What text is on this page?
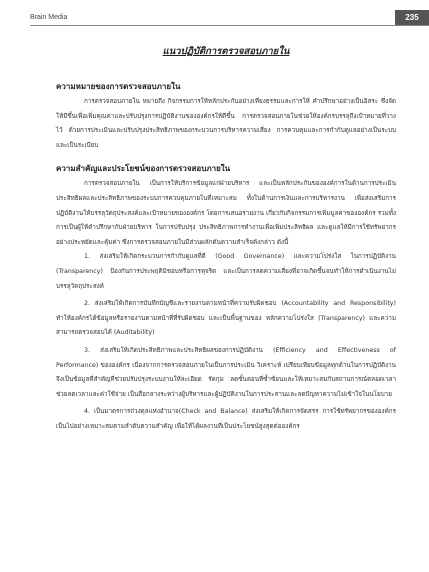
Brain Media	235
แนวปฏิบัติการตรวจสอบภายใน
ความหมายของการตรวจสอบภายใน

การตรวจสอบภายใน หมายถึง กิจกรรมการให้หลักประกันอย่างเที่ยงธรรมและการให้ คำปรึกษาอย่างเป็นอิสระ ซึ่งจัดให้มีขึ้นเพื่อเพิ่มคุณค่าและปรับปรุงการปฏิบัติงานขององค์กรให้ดีขึ้น การตรวจสอบภายในช่วยให้องค์กรบรรลุถึงเป้าหมายที่วางไว้ ด้วยการประเมินและปรับปรุงประสิทธิภาพของกระบวนการบริหารความเสี่ยง การควบคุมและการกำกับดูแลอย่างเป็นระบบและเป็นระเบียบ

ความสำคัญและประโยชน์ของการตรวจสอบภายใน

การตรวจสอบภายใน เป็นการให้บริการข้อมูลแก่ฝ่ายบริหาร และเป็นหลักประกันขององค์การในด้านการประเมินประสิทธิผลและประสิทธิภาพของระบบการควบคุมภายในที่เหมาะสม ทั้งในด้านการเงินและการบริหารงาน เพื่อส่งเสริมการปฏิบัติงานให้บรรลุวัตถุประสงค์และเป้าหมายขององค์กร โดยการเสนอรายงาน เกี่ยวกับกิจกรรมการเพิ่มมูลค่าขององค์กร รวมทั้งการเป็นผู้ให้คำปรึกษากับฝ่ายบริหาร ในการปรับปรุง ประสิทธิภาพการทำงานเพื่อเพิ่มประสิทธิผล และดูแลให้มีการใช้ทรัพยากรอย่างประหยัดและคุ้มค่า ซึ่งการตรวจสอบภายในมีส่วนผลักดันความสำเร็จดังกล่าว ดังนี้

1. ส่งเสริมให้เกิดกระบวนการกำกับดูแลที่ดี (Good Governance) และความโปร่งใส ในการปฏิบัติงาน (Transparency) ป้องกันการประพฤติมิชอบหรือการทุจริต และเป็นการลดความเสี่ยงที่อาจเกิดขึ้นจนทำให้การดำเนินงานไม่บรรลุวัตถุประสงค์

2. ส่งเสริมให้เกิดการบันทึกบัญชีและรายงานตามหน้าที่ความรับผิดชอบ (Accountability and Responsibility) ทำให้องค์กรได้ข้อมูลหรือรายงานตามหน้าที่ที่รับผิดชอบ และเป็นพื้นฐานของ หลักความโปร่งใส (Transparency) และความสามารถตรวจสอบได้ (Auditability)

3. ส่งเสริมให้เกิดประสิทธิภาพและประสิทธิผลของการปฏิบัติงาน (Efficiency and Effectiveness of Performance) ขององค์กร เนื่องจากการตรวจสอบภายในเป็นการประเมิน วิเคราะห์ เปรียบเทียบข้อมูลทุกด้านในการปฏิบัติงาน จึงเป็นข้อมูลที่สำคัญที่ช่วยปรับปรุงระบบงานให้ละเอียด รัดกุม ลดขั้นตอนที่ซ้ำซ้อนและให้เหมาะสมกับสถานการณ์ตลอดเวลา ช่วยลดเวลาและค่าใช้จ่าย เป็นสื่อกลางระหว่างผู้บริหารและผู้ปฏิบัติงานในการประสานและลดปัญหาความไม่เข้าใจในนโยบาย

4. เป็นมาตรการถ่วงดุลแห่งอำนาจ(Check and Balance) ส่งเสริมให้เกิดการจัดสรร การใช้ทรัพยากรขององค์กรเป็นไปอย่างเหมาะสมตามลำดับความสำคัญ เพื่อให้ได้ผลงานที่เป็นประโยชน์สูงสุดต่อองค์กร
